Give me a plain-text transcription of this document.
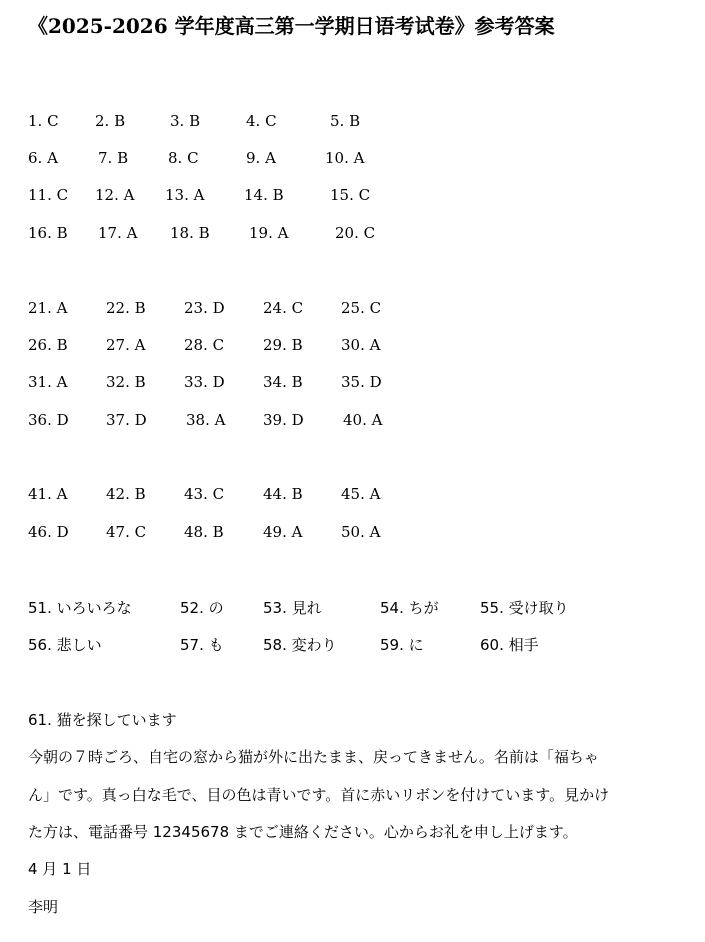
《2025-2026 学年度高三第一学期日语考试卷》参考答案
1. C 2. B	3. B	4. C	5. B
6. A	7. B	8. C	9. A	10. A
11. C 12. A 13. A	14. B	15. C
16. B 17. A 18. B	19. A	20. C
21. A	22. B	23. D	24. C	25. C
26. B	27. A	28. C	29. B	30. A
31. A	32. B	33. D	34. B	35. D
36. D 37. D	38. A	39. D	40. A
41. A	42. B	43. C	44. B	45. A
46. D 47. C	48. B	49. A	50. A
51. いろいろな	52. の	53. 見れ	54. ちが	55. 受け取り
56. 悲しい	57. も	58. 変わり	59. に	60. 相手
61. 猫を探しています
今朝の７時ごろ、自宅の窓から猫が外に出たまま、戻ってきません。名前は「福ちゃ
ん」です。真っ白な毛で、目の色は青いです。首に赤いリボンを付けています。見かけ
た方は、電話番号 12345678 までご連絡ください。心からお礼を申し上げます。
4 月 1 日
李明
